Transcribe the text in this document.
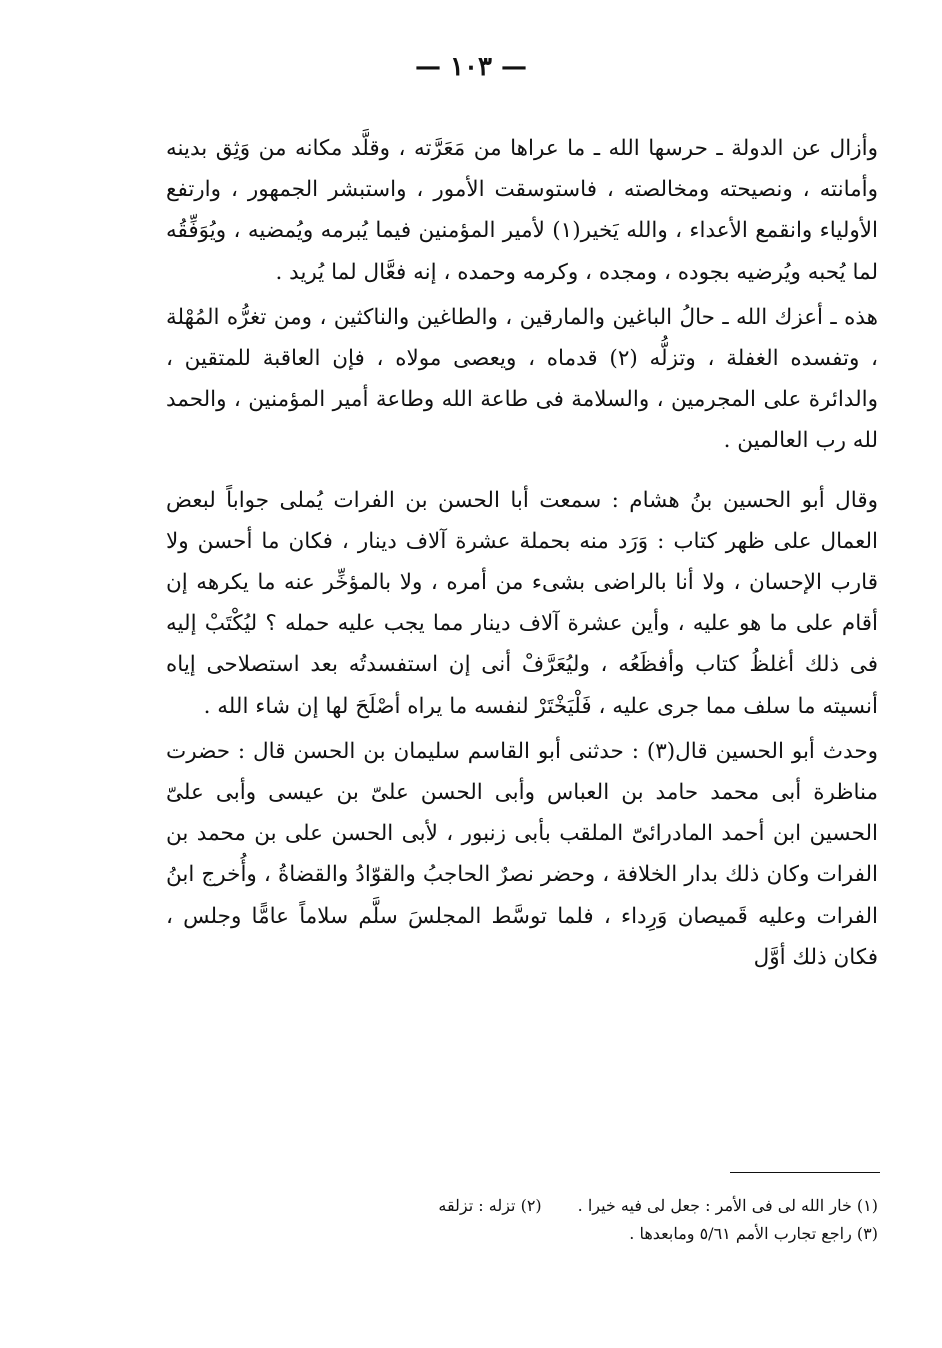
— ١٠٣ —

وأزال عن الدولة ـ حرسها الله ـ ما عراها من مَعَرَّته ، وقلَّد مكانه من وَثِق بدينه وأمانته ، ونصيحته ومخالصته ، فاستوسقت الأمور ، واستبشر الجمهور ، وارتفع الأولياء وانقمع الأعداء ، والله يَخير(١) لأمير المؤمنين فيما يُبرمه ويُمضيه ، ويُوَفِّقُه لما يُحبه ويُرضيه بجوده ، ومجده ، وكرمه وحمده ، إنه فعَّال لما يُريد .

هذه ـ أعزك الله ـ حالُ الباغين والمارقين ، والطاغين والناكثين ، ومن تغرُّه المُهْلة ، وتفسده الغفلة ، وتزلُّه (٢) قدماه ، ويعصى مولاه ، فإن العاقبة للمتقين ، والدائرة على المجرمين ، والسلامة فى طاعة الله وطاعة أمير المؤمنين ، والحمد لله رب العالمين .

وقال أبو الحسين بنُ هشام : سمعت أبا الحسن بن الفرات يُملى جواباً لبعض العمال على ظهر كتاب : وَرَد منه بحملة عشرة آلاف دينار ، فكان ما أحسن ولا قارب الإحسان ، ولا أنا بالراضى بشىء من أمره ، ولا بالمؤخِّر عنه ما يكرهه إن أقام على ما هو عليه ، وأين عشرة آلاف دينار مما يجب عليه حمله ؟ ليُكْتَبْ إليه فى ذلك أغلظُ كتاب وأفظَعُه ، وليُعَرَّفْ أنى إن استفسدتُه بعد استصلاحى إياه أنسيته ما سلف مما جرى عليه ، فَلْيَخْتَرْ لنفسه ما يراه أصْلَحَ لها إن شاء الله .

وحدث أبو الحسين قال(٣) : حدثنى أبو القاسم سليمان بن الحسن قال : حضرت مناظرة أبى محمد حامد بن العباس وأبى الحسن علىّ بن عيسى وأبى علىّ الحسين ابن أحمد المادرائىّ الملقب بأبى زنبور ، لأبى الحسن على بن محمد بن الفرات وكان ذلك بدار الخلافة ، وحضر نصرٌ الحاجبُ والقوّادُ والقضاةُ ، وأُخرج ابنُ الفرات وعليه قَميصان وَرِداء ، فلما توسَّط المجلسَ سلَّم سلاماً عامًّا وجلس ، فكان ذلك أوَّل

(١) خار الله لى فى الأمر : جعل لى فيه خيرا .
(٢) تزله : تزلقه
(٣) راجع تجارب الأمم ٥/٦١ ومابعدها .
